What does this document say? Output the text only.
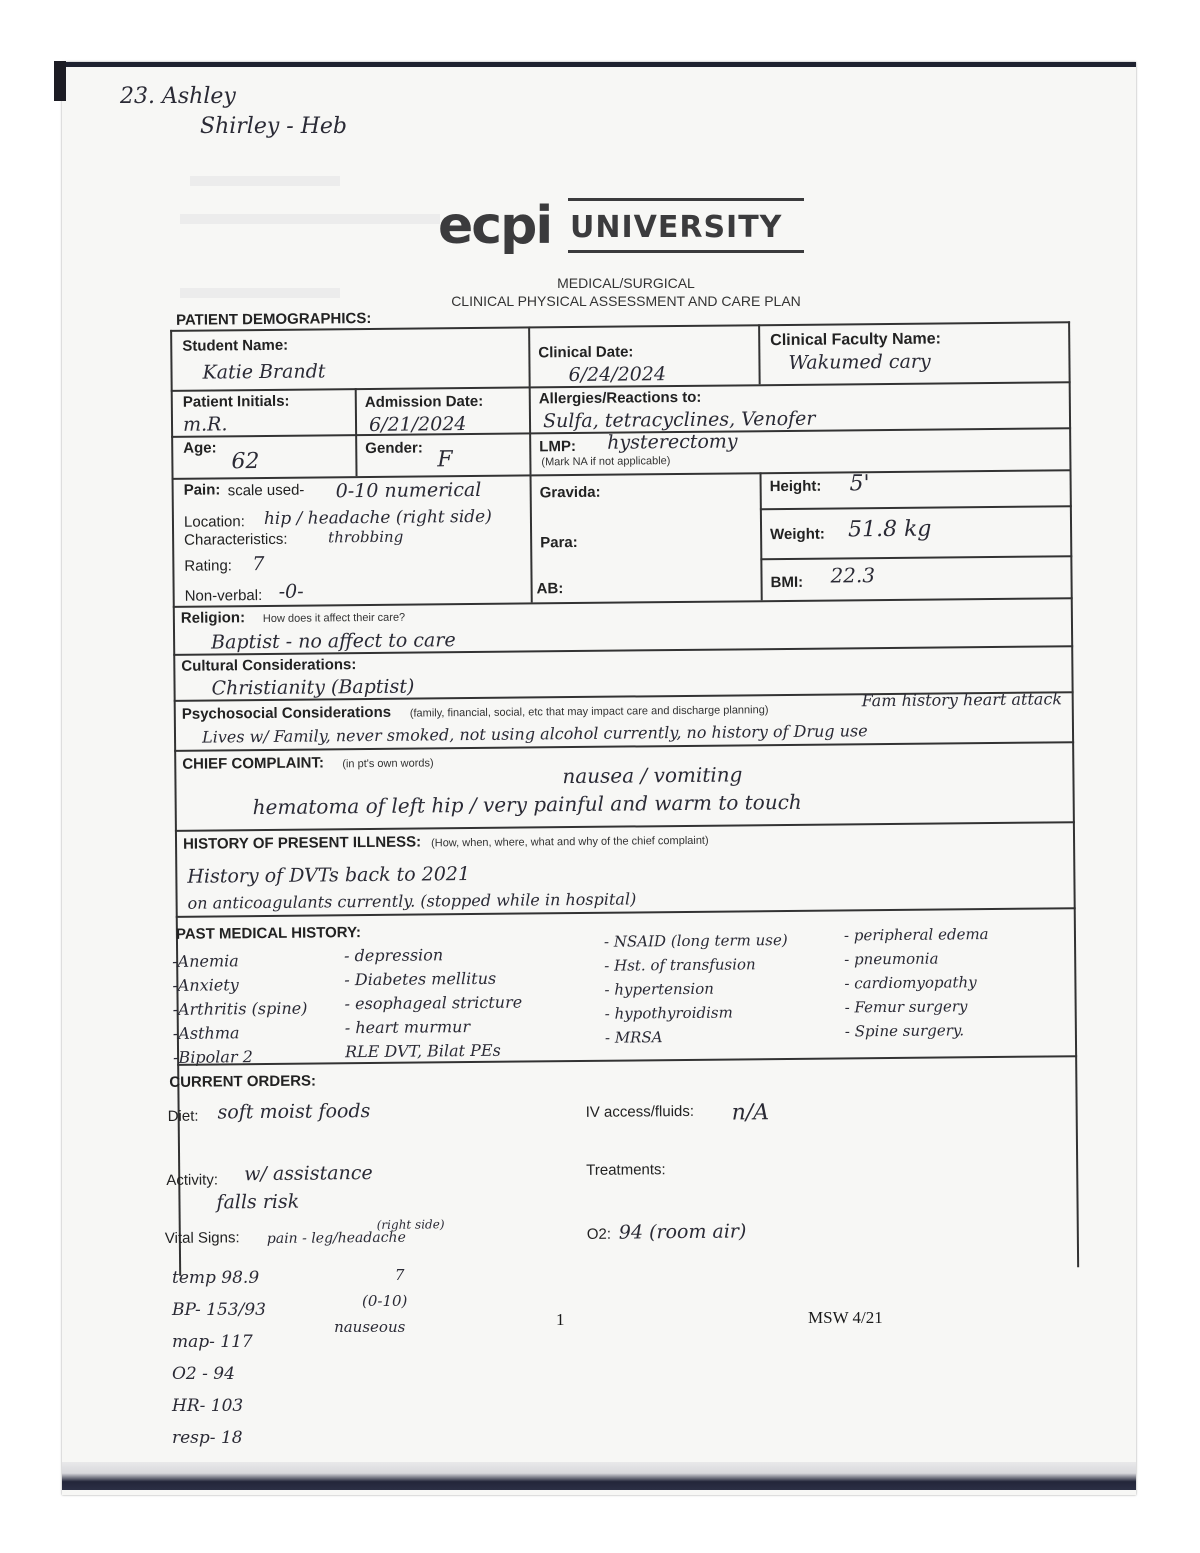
23. Ashley
Shirley - Heb
ecpi UNIVERSITY
MEDICAL/SURGICAL
CLINICAL PHYSICAL ASSESSMENT AND CARE PLAN
PATIENT DEMOGRAPHICS:
Student Name:
Katie Brandt
Clinical Date:
6/24/2024
Clinical Faculty Name:
Wakumed cary
Patient Initials:
m.R.
Admission Date:
6/21/2024
Allergies/Reactions to:
Sulfa, tetracyclines, Venofer
Age:
62
Gender: F
LMP: hysterectomy
(Mark NA if not applicable)
Pain: scale used- 0-10 numerical
Location: hip / headache (right side)
Characteristics:	throbbing
Rating: 7
Non-verbal: -0-
Gravida:
Para:
AB:
Height: 5'
Weight: 51.8 kg
BMI: 22.3
Religion: How does it affect their care?
Baptist - no affect to care
Cultural Considerations:
Christianity (Baptist)
Psychosocial Considerations (family, financial, social, etc that may impact care and discharge planning)
Fam history heart attack
Lives w/ Family, never smoked, not using alcohol currently, no history of Drug use
CHIEF COMPLAINT: (in pt's own words)	nausea / vomiting
hematoma of left hip / very painful and warm to touch
HISTORY OF PRESENT ILLNESS: (How, when, where, what and why of the chief complaint)
History of DVTs back to 2021
on anticoagulants currently. (stopped while in hospital)
PAST MEDICAL HISTORY:
-Anemia
-Anxiety
-Arthritis (spine)
-Asthma
-Bipolar 2
- depression
- Diabetes mellitus
- esophageal stricture
- heart murmur
RLE DVT, Bilat PEs
- NSAID (long term use)
- Hst. of transfusion
- hypertension
- hypothyroidism
- MRSA
- peripheral edema
- pneumonia
- cardiomyopathy
- Femur surgery
- Spine surgery.
CURRENT ORDERS:
Diet: soft moist foods	IV access/fluids: n/A
Activity: w/ assistance
falls risk
Treatments:
Vital Signs: pain - leg/headache
(right side)
O2: 94 (room air)
temp 98.9
BP- 153/93
map- 117
O2 - 94
HR- 103
resp- 18
7
(0-10)
nauseous	1	MSW 4/21
